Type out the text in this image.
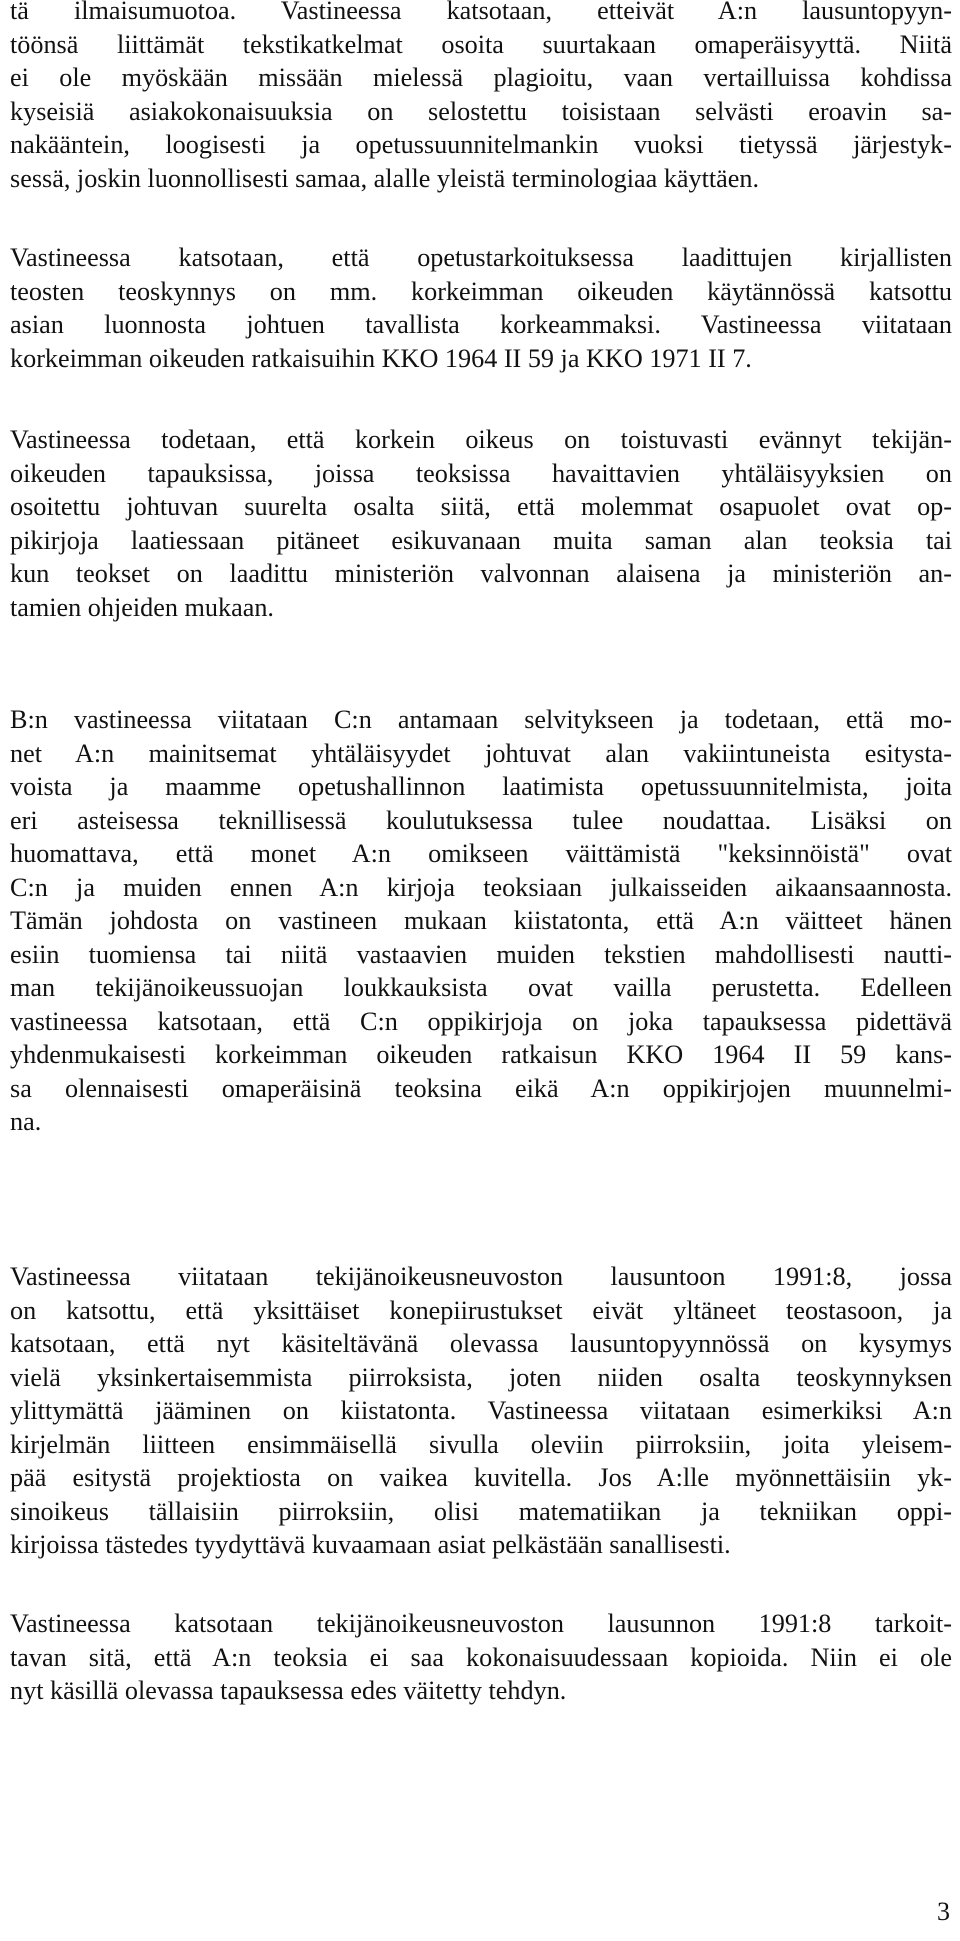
tä ilmaisumuotoa. Vastineessa katsotaan, etteivät A:n lausuntopyyn-
töönsä liittämät tekstikatkelmat osoita suurtakaan omaperäisyyttä. Niitä
ei ole myöskään missään mielessä plagioitu, vaan vertailluissa kohdissa
kyseisiä asiakokonaisuuksia on selostettu toisistaan selvästi eroavin sa-
nakääntein, loogisesti ja opetussuunnitelmankin vuoksi tietyssä järjestyk-
sessä, joskin luonnollisesti samaa, alalle yleistä terminologiaa käyttäen.

Vastineessa katsotaan, että opetustarkoituksessa laadittujen kirjallisten
teosten teoskynnys on mm. korkeimman oikeuden käytännössä katsottu
asian luonnosta johtuen tavallista korkeammaksi. Vastineessa viitataan
korkeimman oikeuden ratkaisuihin KKO 1964 II 59 ja KKO 1971 II 7.

Vastineessa todetaan, että korkein oikeus on toistuvasti evännyt tekijän-
oikeuden tapauksissa, joissa teoksissa havaittavien yhtäläisyyksien on
osoitettu johtuvan suurelta osalta siitä, että molemmat osapuolet ovat op-
pikirjoja laatiessaan pitäneet esikuvanaan muita saman alan teoksia tai
kun teokset on laadittu ministeriön valvonnan alaisena ja ministeriön an-
tamien ohjeiden mukaan.

B:n vastineessa viitataan C:n antamaan selvitykseen ja todetaan, että mo-
net A:n mainitsemat yhtäläisyydet johtuvat alan vakiintuneista esitysta-
voista ja maamme opetushallinnon laatimista opetussuunnitelmista, joita
eri asteisessa teknillisessä koulutuksessa tulee noudattaa. Lisäksi on
huomattava, että monet A:n omikseen väittämistä "keksinnöistä" ovat
C:n ja muiden ennen A:n kirjoja teoksiaan julkaisseiden aikaansaannosta.
Tämän johdosta on vastineen mukaan kiistatonta, että A:n väitteet hänen
esiin tuomiensa tai niitä vastaavien muiden tekstien mahdollisesti nautti-
man tekijänoikeussuojan loukkauksista ovat vailla perustetta. Edelleen
vastineessa katsotaan, että C:n oppikirjoja on joka tapauksessa pidettävä
yhdenmukaisesti korkeimman oikeuden ratkaisun KKO 1964 II 59 kans-
sa olennaisesti omaperäisinä teoksina eikä A:n oppikirjojen muunnelmi-
na.

Vastineessa viitataan tekijänoikeusneuvoston lausuntoon 1991:8, jossa
on katsottu, että yksittäiset konepiirustukset eivät yltäneet teostasoon, ja
katsotaan, että nyt käsiteltävänä olevassa lausuntopyynnössä on kysymys
vielä yksinkertaisemmista piirroksista, joten niiden osalta teoskynnyksen
ylittymättä jääminen on kiistatonta. Vastineessa viitataan esimerkiksi A:n
kirjelmän liitteen ensimmäisellä sivulla oleviin piirroksiin, joita yleisem-
pää esitystä projektiosta on vaikea kuvitella. Jos A:lle myönnettäisiin yk-
sinoikeus tällaisiin piirroksiin, olisi matematiikan ja tekniikan oppi-
kirjoissa tästedes tyydyttävä kuvaamaan asiat pelkästään sanallisesti.

Vastineessa katsotaan tekijänoikeusneuvoston lausunnon 1991:8 tarkoit-
tavan sitä, että A:n teoksia ei saa kokonaisuudessaan kopioida. Niin ei ole
nyt käsillä olevassa tapauksessa edes väitetty tehdyn.

3
